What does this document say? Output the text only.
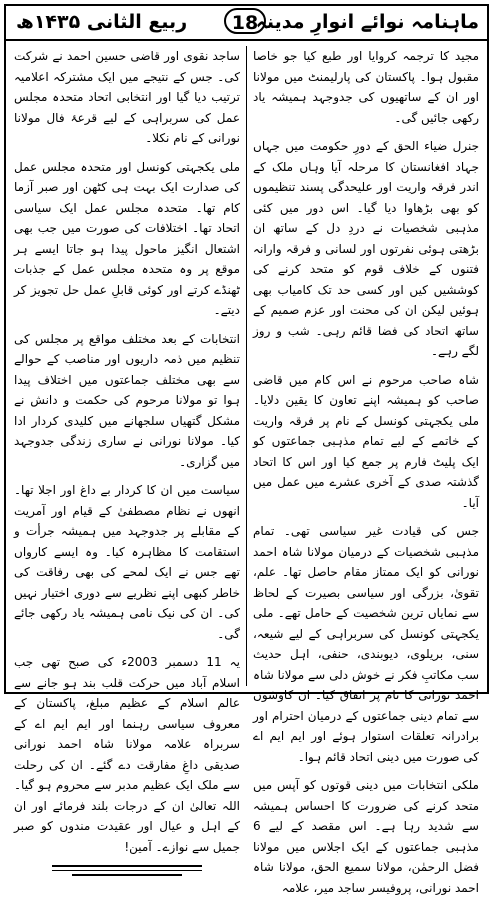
ربیع الثانی ۱۴۳۵ھ	18
ماہنامہ نوائے انوارِ مدینہ

مجید کا ترجمہ کروایا اور طبع کیا جو خاصا مقبول ہوا۔ پاکستان کی پارلیمنٹ میں مولانا اور ان کے ساتھیوں کی جدوجہد ہمیشہ یاد رکھی جائیں گی۔

جنرل ضیاء الحق کے دورِ حکومت میں جہاں جہاد افغانستان کا مرحلہ آیا وہاں ملک کے اندر فرقہ واریت اور علیحدگی پسند تنظیموں کو بھی بڑھاوا دیا گیا۔ اس دور میں کئی مذہبی شخصیات نے دردِ دل کے ساتھ ان بڑھتی ہوئی نفرتوں اور لسانی و فرقہ وارانہ فتنوں کے خلاف قوم کو متحد کرنے کی کوششیں کیں اور کسی حد تک کامیاب بھی ہوئیں لیکن ان کی محنت اور عزم صمیم کے ساتھ اتحاد کی فضا قائم رہی۔ شب و روز لگے رہے۔

شاہ صاحب مرحوم نے اس کام میں قاضی صاحب کو ہمیشہ اپنے تعاون کا یقین دلایا۔ ملی یکجہتی کونسل کے نام پر فرقہ واریت کے خاتمے کے لیے تمام مذہبی جماعتوں کو ایک پلیٹ فارم پر جمع کیا اور اس کا اتحاد گذشتہ صدی کے آخری عشرے میں عمل میں آیا۔

جس کی قیادت غیر سیاسی تھی۔ تمام مذہبی شخصیات کے درمیان مولانا شاہ احمد نورانی کو ایک ممتاز مقام حاصل تھا۔ علم، تقویٰ، بزرگی اور سیاسی بصیرت کے لحاظ سے نمایاں ترین شخصیت کے حامل تھے۔ ملی یکجہتی کونسل کی سربراہی کے لیے شیعہ، سنی، بریلوی، دیوبندی، حنفی، اہل حدیث سب مکاتبِ فکر نے خوش دلی سے مولانا شاہ احمد نورانی کا نام پر اتفاق کیا۔ ان کاوشوں سے تمام دینی جماعتوں کے درمیان احترام اور برادرانہ تعلقات استوار ہوئے اور ایم ایم اے کی صورت میں دینی اتحاد قائم ہوا۔

ملکی انتخابات میں دینی قوتوں کو آپس میں متحد کرنے کی ضرورت کا احساس ہمیشہ سے شدید رہا ہے۔ اس مقصد کے لیے 6 مذہبی جماعتوں کے ایک اجلاس میں مولانا فضل الرحمٰن، مولانا سمیع الحق، مولانا شاہ احمد نورانی، پروفیسر ساجد میر، علامہ

ساجد نقوی اور قاضی حسین احمد نے شرکت کی۔ جس کے نتیجے میں ایک مشترکہ اعلامیہ ترتیب دیا گیا اور انتخابی اتحاد متحدہ مجلس عمل کی سربراہی کے لیے قرعۂ فال مولانا نورانی کے نام نکلا۔

ملی یکجہتی کونسل اور متحدہ مجلس عمل کی صدارت ایک بہت ہی کٹھن اور صبر آزما کام تھا۔ متحدہ مجلس عمل ایک سیاسی اتحاد تھا۔ اختلافات کی صورت میں جب بھی اشتعال انگیز ماحول پیدا ہو جاتا ایسے ہر موقع پر وہ متحدہ مجلس عمل کے جذبات ٹھنڈے کرتے اور کوئی قابلِ عمل حل تجویز کر دیتے۔

انتخابات کے بعد مختلف مواقع پر مجلس کی تنظیم میں ذمہ داریوں اور مناصب کے حوالے سے بھی مختلف جماعتوں میں اختلاف پیدا ہوا تو مولانا مرحوم کی حکمت و دانش نے مشکل گتھیاں سلجھانے میں کلیدی کردار ادا کیا۔ مولانا نورانی نے ساری زندگی جدوجہد میں گزاری۔

سیاست میں ان کا کردار بے داغ اور اجلا تھا۔ انھوں نے نظام مصطفیٰ کے قیام اور آمریت کے مقابلے پر جدوجہد میں ہمیشہ جرأت و استقامت کا مظاہرہ کیا۔ وہ ایسے کارواں تھے جس نے ایک لمحے کی بھی رفاقت کی خاطر کبھی اپنے نظریے سے دوری اختیار نہیں کی۔ ان کی نیک نامی ہمیشہ یاد رکھی جائے گی۔

یہ 11 دسمبر 2003ء کی صبح تھی جب اسلام آباد میں حرکت قلب بند ہو جانے سے عالم اسلام کے عظیم مبلغ، پاکستان کے معروف سیاسی رہنما اور ایم ایم اے کے سربراہ علامہ مولانا شاہ احمد نورانی صدیقی داغِ مفارقت دے گئے۔ ان کی رحلت سے ملک ایک عظیم مدبر سے محروم ہو گیا۔ اللہ تعالیٰ ان کے درجات بلند فرمائے اور ان کے اہل و عیال اور عقیدت مندوں کو صبر جمیل سے نوازے۔ آمین!
